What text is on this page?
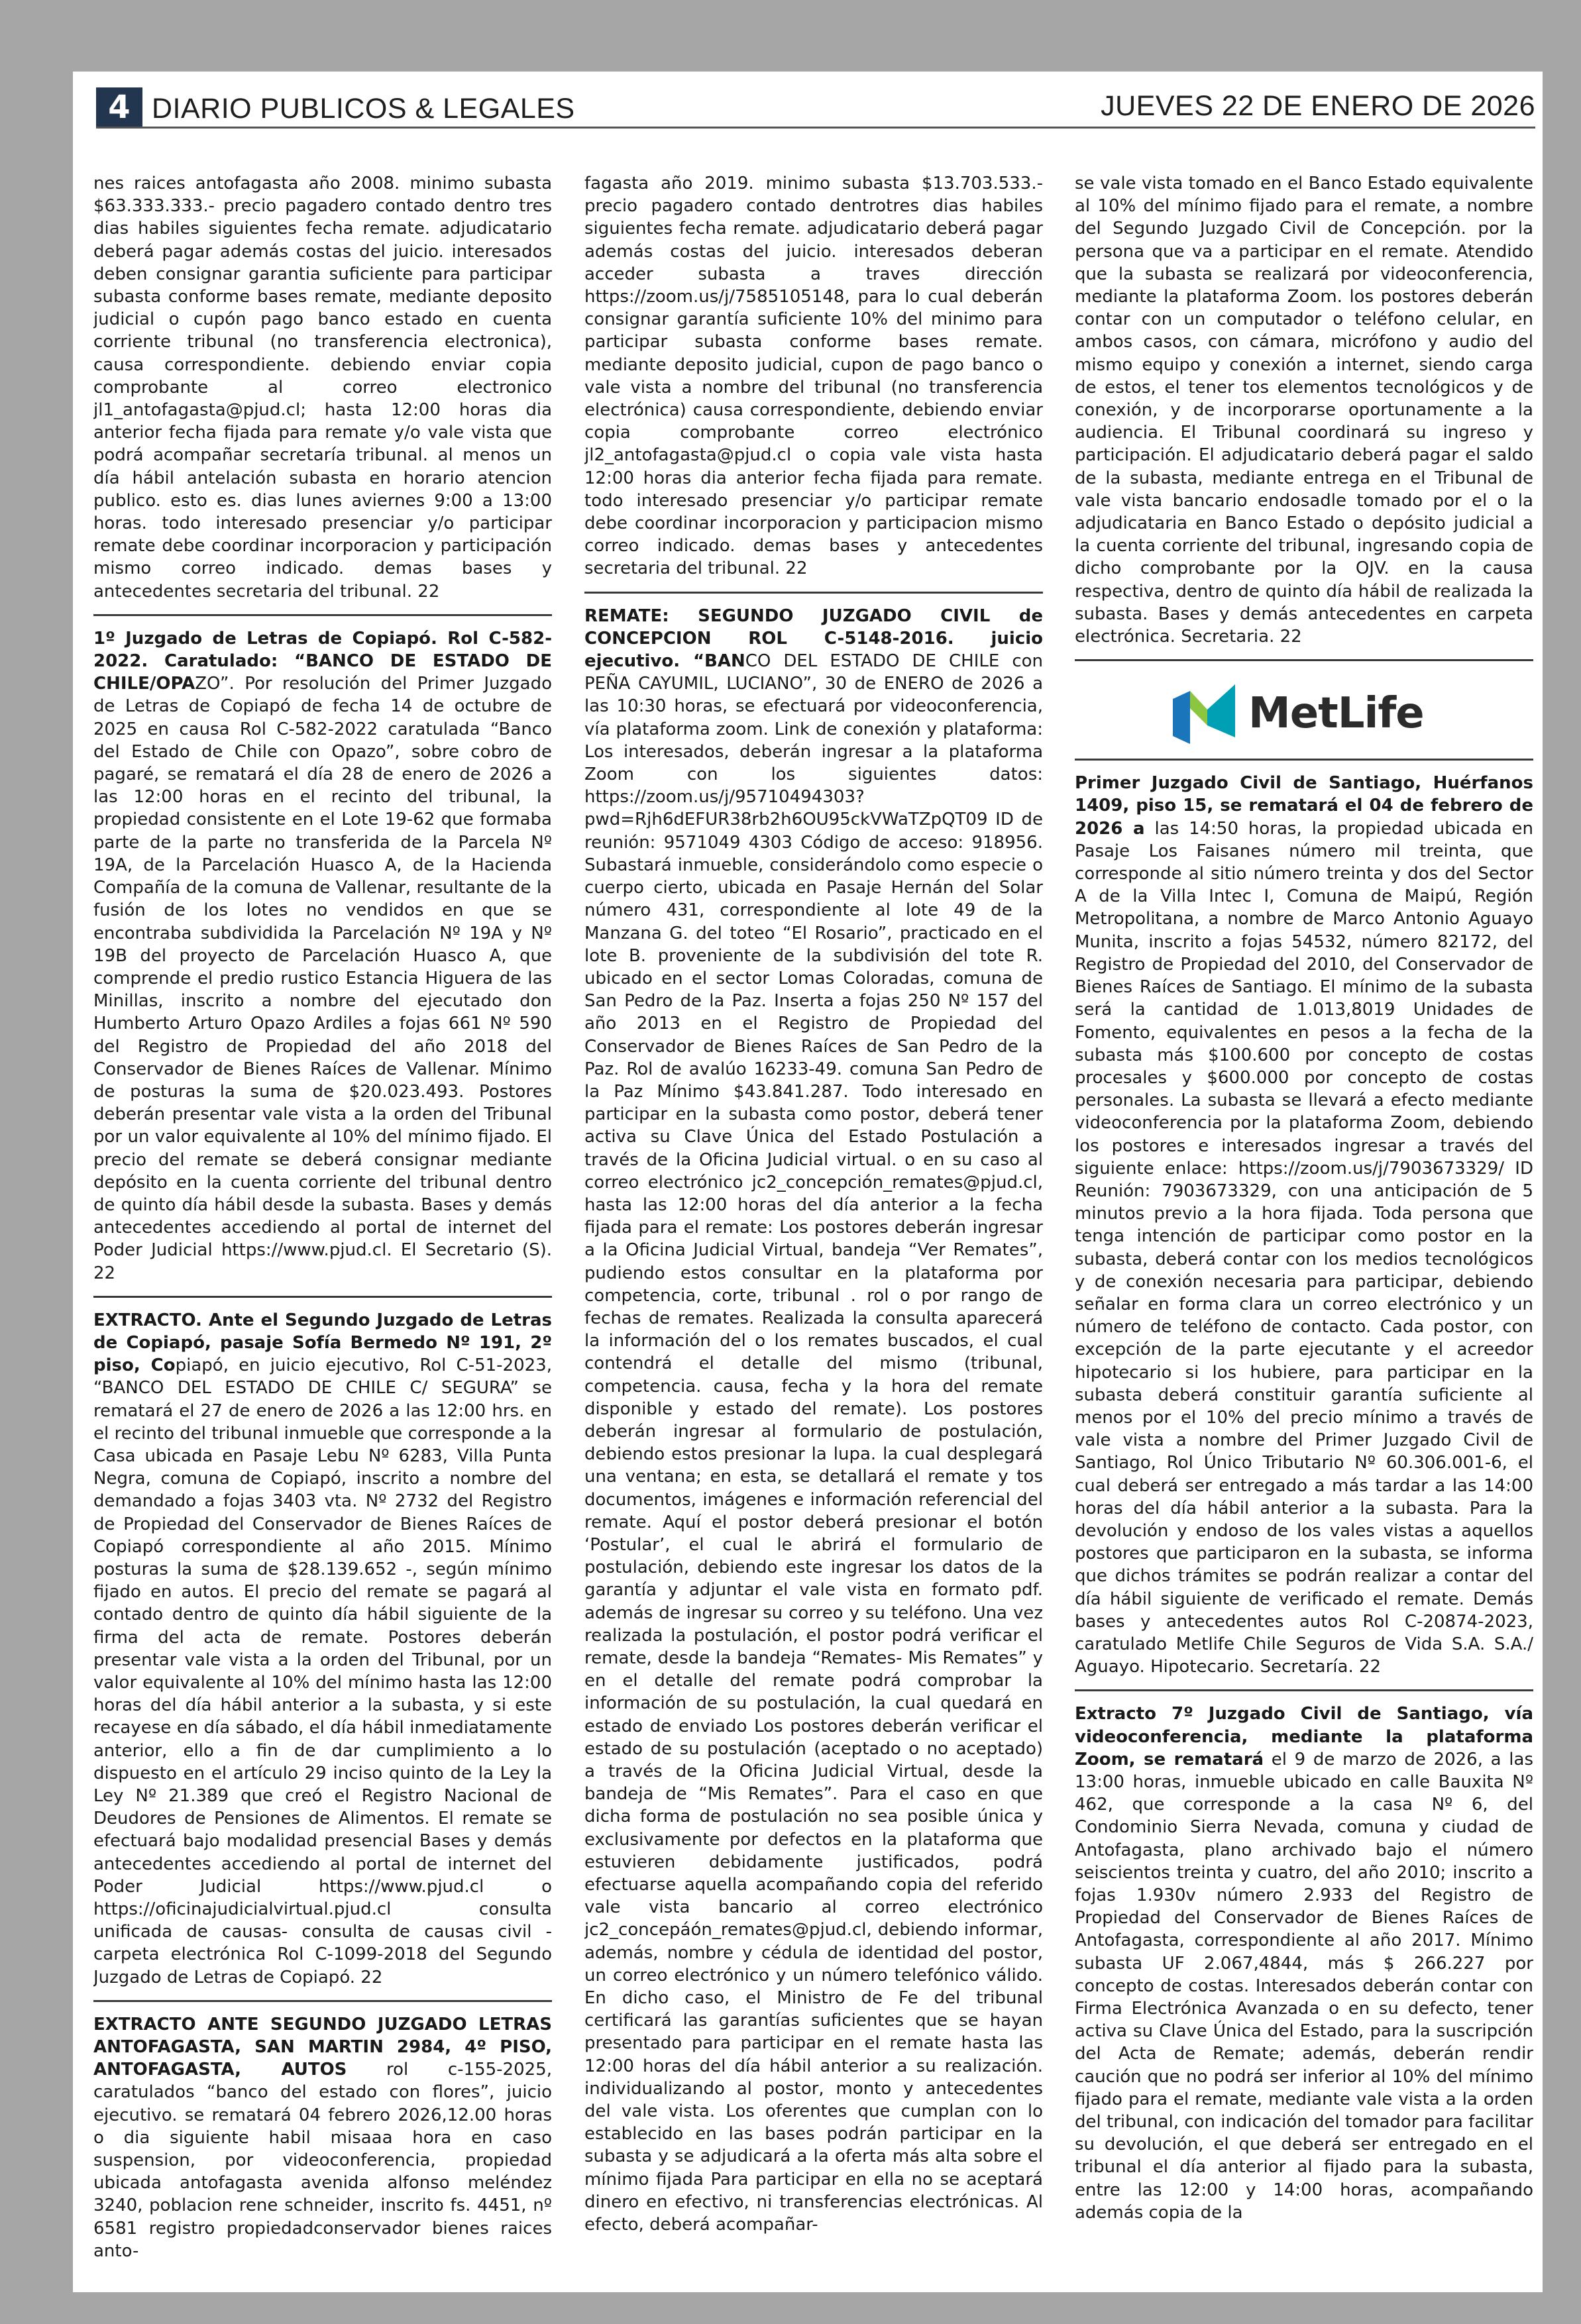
4 DIARIO PUBLICOS & LEGALES	JUEVES 22 DE ENERO DE 2026

nes raices antofagasta año 2008. minimo subasta $63.333.333.- precio pagadero contado dentro tres dias habiles siguientes fecha remate. adjudicatario deberá pagar además costas del juicio. interesados deben consignar garantia suficiente para participar subasta conforme bases remate, mediante deposito judicial o cupón pago banco estado en cuenta corriente tribunal (no transferencia electronica), causa correspondiente. debiendo enviar copia comprobante al correo electronico jl1_antofagasta@pjud.cl; hasta 12:00 horas dia anterior fecha fijada para remate y/o vale vista que podrá acompañar secretaría tribunal. al menos un día hábil antelación subasta en horario atencion publico. esto es. dias lunes aviernes 9:00 a 13:00 horas. todo interesado presenciar y/o participar remate debe coordinar incorporacion y participación mismo correo indicado. demas bases y antecedentes secretaria del tribunal. 22

1º Juzgado de Letras de Copiapó. Rol C-582-2022. Caratulado: “BANCO DE ESTADO DE CHILE/OPAZO”. Por resolución del Primer Juzgado de Letras de Copiapó de fecha 14 de octubre de 2025 en causa Rol C-582-2022 caratulada “Banco del Estado de Chile con Opazo”, sobre cobro de pagaré, se rematará el día 28 de enero de 2026 a las 12:00 horas en el recinto del tribunal, la propiedad consistente en el Lote 19-62 que formaba parte de la parte no transferida de la Parcela Nº 19A, de la Parcelación Huasco A, de la Hacienda Compañía de la comuna de Vallenar, resultante de la fusión de los lotes no vendidos en que se encontraba subdividida la Parcelación Nº 19A y Nº 19B del proyecto de Parcelación Huasco A, que comprende el predio rustico Estancia Higuera de las Minillas, inscrito a nombre del ejecutado don Humberto Arturo Opazo Ardiles a fojas 661 Nº 590 del Registro de Propiedad del año 2018 del Conservador de Bienes Raíces de Vallenar. Mínimo de posturas la suma de $20.023.493. Postores deberán presentar vale vista a la orden del Tribunal por un valor equivalente al 10% del mínimo fijado. El precio del remate se deberá consignar mediante depósito en la cuenta corriente del tribunal dentro de quinto día hábil desde la subasta. Bases y demás antecedentes accediendo al portal de internet del Poder Judicial https://www.pjud.cl. El Secretario (S). 22

EXTRACTO. Ante el Segundo Juzgado de Letras de Copiapó, pasaje Sofía Bermedo Nº 191, 2º piso, Copiapó, en juicio ejecutivo, Rol C-51-2023, “BANCO DEL ESTADO DE CHILE C/ SEGURA” se rematará el 27 de enero de 2026 a las 12:00 hrs. en el recinto del tribunal inmueble que corresponde a la Casa ubicada en Pasaje Lebu Nº 6283, Villa Punta Negra, comuna de Copiapó, inscrito a nombre del demandado a fojas 3403 vta. Nº 2732 del Registro de Propiedad del Conservador de Bienes Raíces de Copiapó correspondiente al año 2015. Mínimo posturas la suma de $28.139.652 -, según mínimo fijado en autos. El precio del remate se pagará al contado dentro de quinto día hábil siguiente de la firma del acta de remate. Postores deberán presentar vale vista a la orden del Tribunal, por un valor equivalente al 10% del mínimo hasta las 12:00 horas del día hábil anterior a la subasta, y si este recayese en día sábado, el día hábil inmediatamente anterior, ello a fin de dar cumplimiento a lo dispuesto en el artículo 29 inciso quinto de la Ley la Ley Nº 21.389 que creó el Registro Nacional de Deudores de Pensiones de Alimentos. El remate se efectuará bajo modalidad presencial Bases y demás antecedentes accediendo al portal de internet del Poder Judicial https://www.pjud.cl o https://oficinajudicialvirtual.pjud.cl consulta unificada de causas- consulta de causas civil - carpeta electrónica Rol C-1099-2018 del Segundo Juzgado de Letras de Copiapó. 22

EXTRACTO ANTE SEGUNDO JUZGADO LETRAS ANTOFAGASTA, SAN MARTIN 2984, 4º PISO, ANTOFAGASTA, AUTOS rol c-155-2025, caratulados “banco del estado con flores”, juicio ejecutivo. se rematará 04 febrero 2026,12.00 horas o dia siguiente habil misaaa hora en caso suspension, por videoconferencia, propiedad ubicada antofagasta avenida alfonso meléndez 3240, poblacion rene schneider, inscrito fs. 4451, nº 6581 registro propiedadconservador bienes raices anto-

fagasta año 2019. minimo subasta $13.703.533.- precio pagadero contado dentrotres dias habiles siguientes fecha remate. adjudicatario deberá pagar además costas del juicio. interesados deberan acceder subasta a traves dirección https://zoom.us/j/7585105148, para lo cual deberán consignar garantía suficiente 10% del minimo para participar subasta conforme bases remate. mediante deposito judicial, cupon de pago banco o vale vista a nombre del tribunal (no transferencia electrónica) causa correspondiente, debiendo enviar copia comprobante correo electrónico jl2_antofagasta@pjud.cl o copia vale vista hasta 12:00 horas dia anterior fecha fijada para remate. todo interesado presenciar y/o participar remate debe coordinar incorporacion y participacion mismo correo indicado. demas bases y antecedentes secretaria del tribunal. 22

REMATE: SEGUNDO JUZGADO CIVIL de CONCEPCION ROL C-5148-2016. juicio ejecutivo. “BANCO DEL ESTADO DE CHILE con PEÑA CAYUMIL, LUCIANO”, 30 de ENERO de 2026 a las 10:30 horas, se efectuará por videoconferencia, vía plataforma zoom. Link de conexión y plataforma: Los interesados, deberán ingresar a la plataforma Zoom con los siguientes datos: https://zoom.us/j/95710494303?pwd=Rjh6dEFUR38rb2h6OU95ckVWaTZpQT09 ID de reunión: 9571049 4303 Código de acceso: 918956. Subastará inmueble, considerándolo como especie o cuerpo cierto, ubicada en Pasaje Hernán del Solar número 431, correspondiente al lote 49 de la Manzana G. del toteo “El Rosario”, practicado en el lote B. proveniente de la subdivisión del tote R. ubicado en el sector Lomas Coloradas, comuna de San Pedro de la Paz. Inserta a fojas 250 Nº 157 del año 2013 en el Registro de Propiedad del Conservador de Bienes Raíces de San Pedro de la Paz. Rol de avalúo 16233-49. comuna San Pedro de la Paz Mínimo $43.841.287. Todo interesado en participar en la subasta como postor, deberá tener activa su Clave Única del Estado Postulación a través de la Oficina Judicial virtual. o en su caso al correo electrónico jc2_concepción_remates@pjud.cl, hasta las 12:00 horas del día anterior a la fecha fijada para el remate: Los postores deberán ingresar a la Oficina Judicial Virtual, bandeja “Ver Remates”, pudiendo estos consultar en la plataforma por competencia, corte, tribunal . rol o por rango de fechas de remates. Realizada la consulta aparecerá la información del o los remates buscados, el cual contendrá el detalle del mismo (tribunal, competencia. causa, fecha y la hora del remate disponible y estado del remate). Los postores deberán ingresar al formulario de postulación, debiendo estos presionar la lupa. la cual desplegará una ventana; en esta, se detallará el remate y tos documentos, imágenes e información referencial del remate. Aquí el postor deberá presionar el botón ‘Postular’, el cual le abrirá el formulario de postulación, debiendo este ingresar los datos de la garantía y adjuntar el vale vista en formato pdf. además de ingresar su correo y su teléfono. Una vez realizada la postulación, el postor podrá verificar el remate, desde la bandeja “Remates- Mis Remates” y en el detalle del remate podrá comprobar la información de su postulación, la cual quedará en estado de enviado Los postores deberán verificar el estado de su postulación (aceptado o no aceptado) a través de la Oficina Judicial Virtual, desde la bandeja de “Mis Remates”. Para el caso en que dicha forma de postulación no sea posible única y exclusivamente por defectos en la plataforma que estuvieren debidamente justificados, podrá efectuarse aquella acompañando copia del referido vale vista bancario al correo electrónico jc2_concepáón_remates@pjud.cl, debiendo informar, además, nombre y cédula de identidad del postor, un correo electrónico y un número telefónico válido. En dicho caso, el Ministro de Fe del tribunal certificará las garantías suficientes que se hayan presentado para participar en el remate hasta las 12:00 horas del día hábil anterior a su realización. individualizando al postor, monto y antecedentes del vale vista. Los oferentes que cumplan con lo establecido en las bases podrán participar en la subasta y se adjudicará a la oferta más alta sobre el mínimo fijada Para participar en ella no se aceptará dinero en efectivo, ni transferencias electrónicas. Al efecto, deberá acompañar-

se vale vista tomado en el Banco Estado equivalente al 10% del mínimo fijado para el remate, a nombre del Segundo Juzgado Civil de Concepción. por la persona que va a participar en el remate. Atendido que la subasta se realizará por videoconferencia, mediante la plataforma Zoom. los postores deberán contar con un computador o teléfono celular, en ambos casos, con cámara, micrófono y audio del mismo equipo y conexión a internet, siendo carga de estos, el tener tos elementos tecnológicos y de conexión, y de incorporarse oportunamente a la audiencia. El Tribunal coordinará su ingreso y participación. El adjudicatario deberá pagar el saldo de la subasta, mediante entrega en el Tribunal de vale vista bancario endosadle tomado por el o la adjudicataria en Banco Estado o depósito judicial a la cuenta corriente del tribunal, ingresando copia de dicho comprobante por la OJV. en la causa respectiva, dentro de quinto día hábil de realizada la subasta. Bases y demás antecedentes en carpeta electrónica. Secretaria. 22

MetLife

Primer Juzgado Civil de Santiago, Huérfanos 1409, piso 15, se rematará el 04 de febrero de 2026 a las 14:50 horas, la propiedad ubicada en Pasaje Los Faisanes número mil treinta, que corresponde al sitio número treinta y dos del Sector A de la Villa Intec I, Comuna de Maipú, Región Metropolitana, a nombre de Marco Antonio Aguayo Munita, inscrito a fojas 54532, número 82172, del Registro de Propiedad del 2010, del Conservador de Bienes Raíces de Santiago. El mínimo de la subasta será la cantidad de 1.013,8019 Unidades de Fomento, equivalentes en pesos a la fecha de la subasta más $100.600 por concepto de costas procesales y $600.000 por concepto de costas personales. La subasta se llevará a efecto mediante videoconferencia por la plataforma Zoom, debiendo los postores e interesados ingresar a través del siguiente enlace: https://zoom.us/j/7903673329/ ID Reunión: 7903673329, con una anticipación de 5 minutos previo a la hora fijada. Toda persona que tenga intención de participar como postor en la subasta, deberá contar con los medios tecnológicos y de conexión necesaria para participar, debiendo señalar en forma clara un correo electrónico y un número de teléfono de contacto. Cada postor, con excepción de la parte ejecutante y el acreedor hipotecario si los hubiere, para participar en la subasta deberá constituir garantía suficiente al menos por el 10% del precio mínimo a través de vale vista a nombre del Primer Juzgado Civil de Santiago, Rol Único Tributario Nº 60.306.001-6, el cual deberá ser entregado a más tardar a las 14:00 horas del día hábil anterior a la subasta. Para la devolución y endoso de los vales vistas a aquellos postores que participaron en la subasta, se informa que dichos trámites se podrán realizar a contar del día hábil siguiente de verificado el remate. Demás bases y antecedentes autos Rol C-20874-2023, caratulado Metlife Chile Seguros de Vida S.A. S.A./ Aguayo. Hipotecario. Secretaría. 22

Extracto 7º Juzgado Civil de Santiago, vía videoconferencia, mediante la plataforma Zoom, se rematará el 9 de marzo de 2026, a las 13:00 horas, inmueble ubicado en calle Bauxita Nº 462, que corresponde a la casa Nº 6, del Condominio Sierra Nevada, comuna y ciudad de Antofagasta, plano archivado bajo el número seiscientos treinta y cuatro, del año 2010; inscrito a fojas 1.930v número 2.933 del Registro de Propiedad del Conservador de Bienes Raíces de Antofagasta, correspondiente al año 2017. Mínimo subasta UF 2.067,4844, más $ 266.227 por concepto de costas. Interesados deberán contar con Firma Electrónica Avanzada o en su defecto, tener activa su Clave Única del Estado, para la suscripción del Acta de Remate; además, deberán rendir caución que no podrá ser inferior al 10% del mínimo fijado para el remate, mediante vale vista a la orden del tribunal, con indicación del tomador para facilitar su devolución, el que deberá ser entregado en el tribunal el día anterior al fijado para la subasta, entre las 12:00 y 14:00 horas, acompañando además copia de la
